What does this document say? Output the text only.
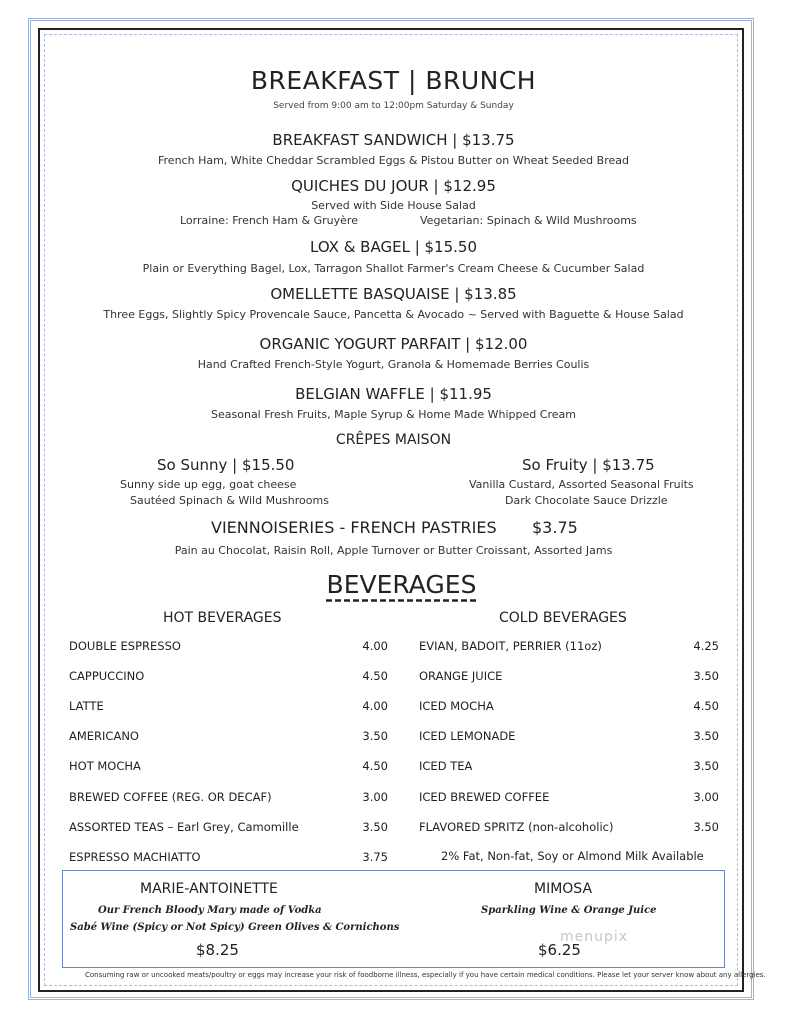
BREAKFAST | BRUNCH
Served from 9:00 am to 12:00pm Saturday & Sunday
BREAKFAST SANDWICH | $13.75
French Ham, White Cheddar Scrambled Eggs & Pistou Butter on Wheat Seeded Bread
QUICHES DU JOUR | $12.95
Served with Side House Salad
Lorraine: French Ham & Gruyère	Vegetarian: Spinach & Wild Mushrooms
LOX & BAGEL | $15.50
Plain or Everything Bagel, Lox, Tarragon Shallot Farmer's Cream Cheese & Cucumber Salad
OMELLETTE BASQUAISE | $13.85
Three Eggs, Slightly Spicy Provencale Sauce, Pancetta & Avocado ~ Served with Baguette & House Salad
ORGANIC YOGURT PARFAIT | $12.00
Hand Crafted French-Style Yogurt, Granola & Homemade Berries Coulis
BELGIAN WAFFLE | $11.95
Seasonal Fresh Fruits, Maple Syrup & Home Made Whipped Cream
CRÊPES MAISON
So Sunny | $15.50
Sunny side up egg, goat cheese
Sautéed Spinach & Wild Mushrooms
So Fruity | $13.75
Vanilla Custard, Assorted Seasonal Fruits
Dark Chocolate Sauce Drizzle
VIENNOISERIES - FRENCH PASTRIES $3.75
Pain au Chocolat, Raisin Roll, Apple Turnover or Butter Croissant, Assorted Jams
BEVERAGES
HOT BEVERAGES	COLD BEVERAGES
DOUBLE ESPRESSO	4.00
CAPPUCCINO	4.50
LATTE	4.00
AMERICANO	3.50
HOT MOCHA	4.50
BREWED COFFEE (REG. OR DECAF)	3.00
ASSORTED TEAS – Earl Grey, Camomille	3.50
ESPRESSO MACHIATTO	3.75
EVIAN, BADOIT, PERRIER (11oz)	4.25
ORANGE JUICE	3.50
ICED MOCHA	4.50
ICED LEMONADE	3.50
ICED TEA	3.50
ICED BREWED COFFEE	3.00
FLAVORED SPRITZ (non-alcoholic)	3.50
2% Fat, Non-fat, Soy or Almond Milk Available
MARIE-ANTOINETTE
Our French Bloody Mary made of Vodka
Sabé Wine (Spicy or Not Spicy) Green Olives & Cornichons
$8.25
MIMOSA
Sparkling Wine & Orange Juice
$6.25
menupix
Consuming raw or uncooked meats/poultry or eggs may increase your risk of foodborne illness, especially if you have certain medical conditions. Please let your server know about any allergies.
